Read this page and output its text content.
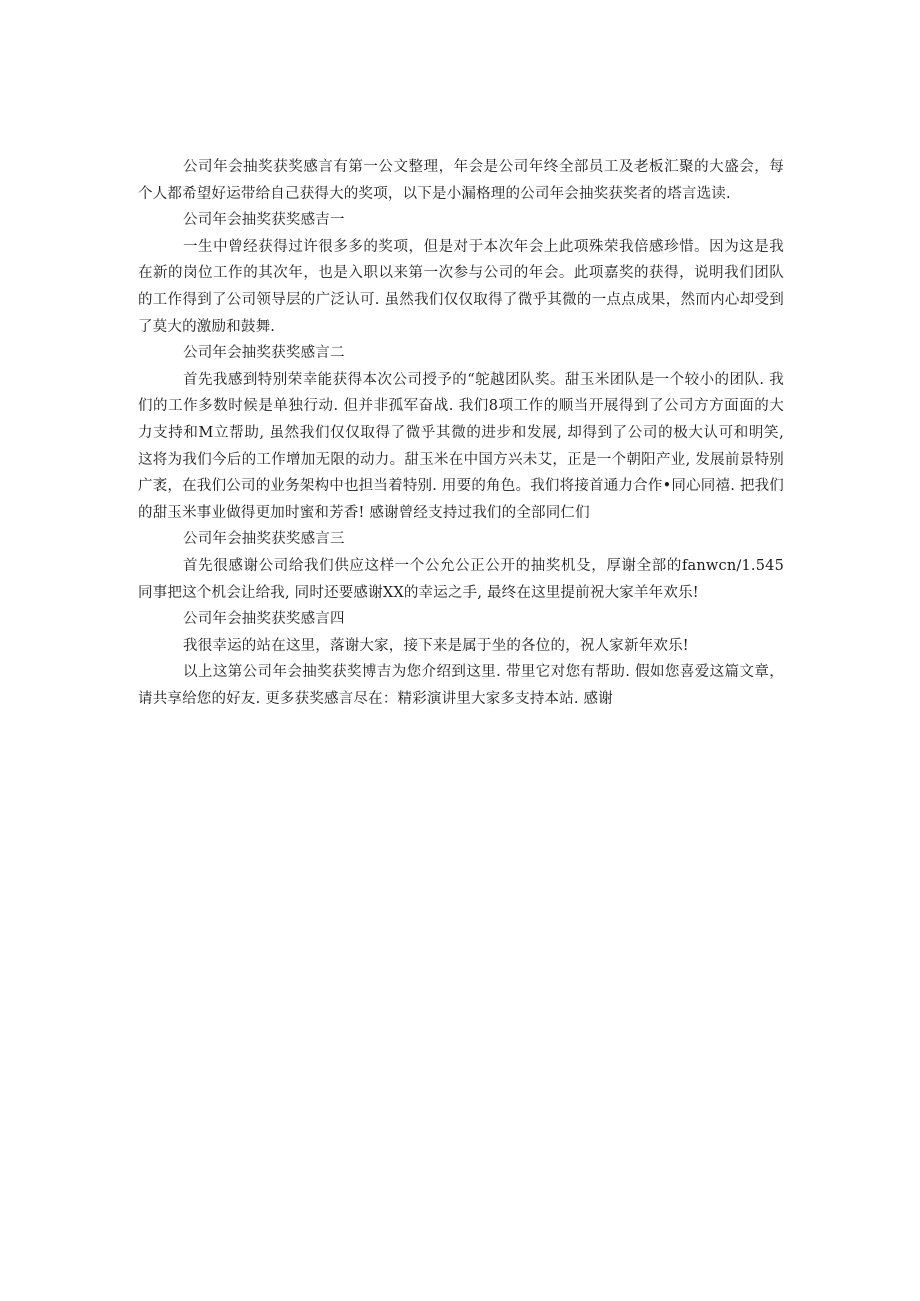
公司年会抽奖获奖感言有第一公文整理，年会是公司年终全部员工及老板汇聚的大盛会，每个人都希望好运带给自己获得大的奖项，以下是小漏格理的公司年会抽奖获奖者的塔言选读.

公司年会抽奖获奖感吉一

一生中曾经获得过许很多多的奖项，但是对于本次年会上此项殊荣我倍感珍惜。因为这是我在新的岗位工作的其次年，也是入职以来第一次参与公司的年会。此项嘉奖的获得，说明我们团队的工作得到了公司领导层的广泛认可. 虽然我们仅仅取得了微乎其微的一点点成果，然而内心却受到了莫大的激励和鼓舞.

公司年会抽奖获奖感言二

首先我感到特别荣幸能获得本次公司授予的“鸵越团队奖。甜玉米团队是一个较小的团队. 我们的工作多数时候是单独行动. 但并非孤军奋战. 我们8项工作的顺当开展得到了公司方方面面的大力支持和M立帮助, 虽然我们仅仅取得了微乎其微的进步和发展, 却得到了公司的极大认可和明笑, 这将为我们今后的工作增加无限的动力。甜玉米在中国方兴未艾，正是一个朝阳产业, 发展前景特别广袤，在我们公司的业务架构中也担当着特别. 用要的角色。我们将接首通力合作•同心同禧. 把我们的甜玉米事业做得更加时蜜和芳香! 感谢曾经支持过我们的全部同仁们

公司年会抽奖获奖感言三

首先很感谢公司给我们供应这样一个公允公正公开的抽奖机殳，厚谢全部的fanwcn∕1.545同事把这个机会让给我, 同时还要感谢XX的幸运之手, 最终在这里提前祝大家羊年欢乐!

公司年会抽奖获奖感言四

我很幸运的站在这里，落谢大家，接下来是属于坐的各位的，祝人家新年欢乐!

以上这第公司年会抽奖获奖博吉为您介绍到这里. 带里它对您有帮助. 假如您喜爱这篇文章，请共享给您的好友. 更多获奖感言尽在：精彩演讲里大家多支持本站. 感谢
